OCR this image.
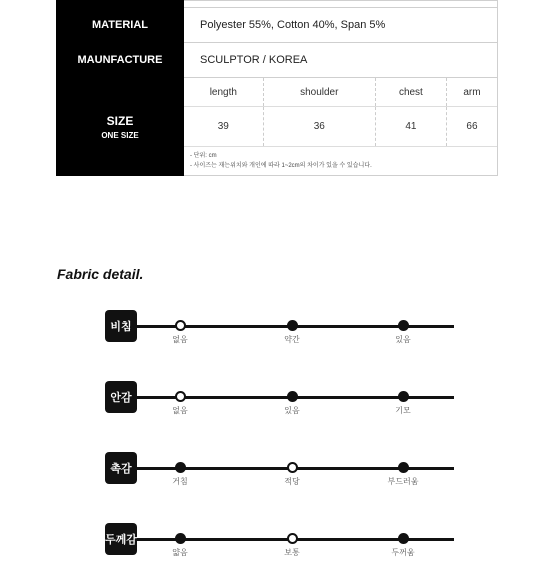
MATERIAL	Polyester 55%, Cotton 40%, Span 5%
MAUNFACTURE	SCULPTOR / KOREA

SIZE
ONE SIZE

length	shoulder	chest	arm
39	36	41	66
- 단위: cm
- 사이즈는 재는위치와 개인에 따라 1~2cm의 차이가 있을 수 있습니다.
Fabric detail.
비침
없음	약간	있음
안감
없음	있음	기모
촉감
거침	적당	부드러움
두께감
얇음	보통	두꺼움
